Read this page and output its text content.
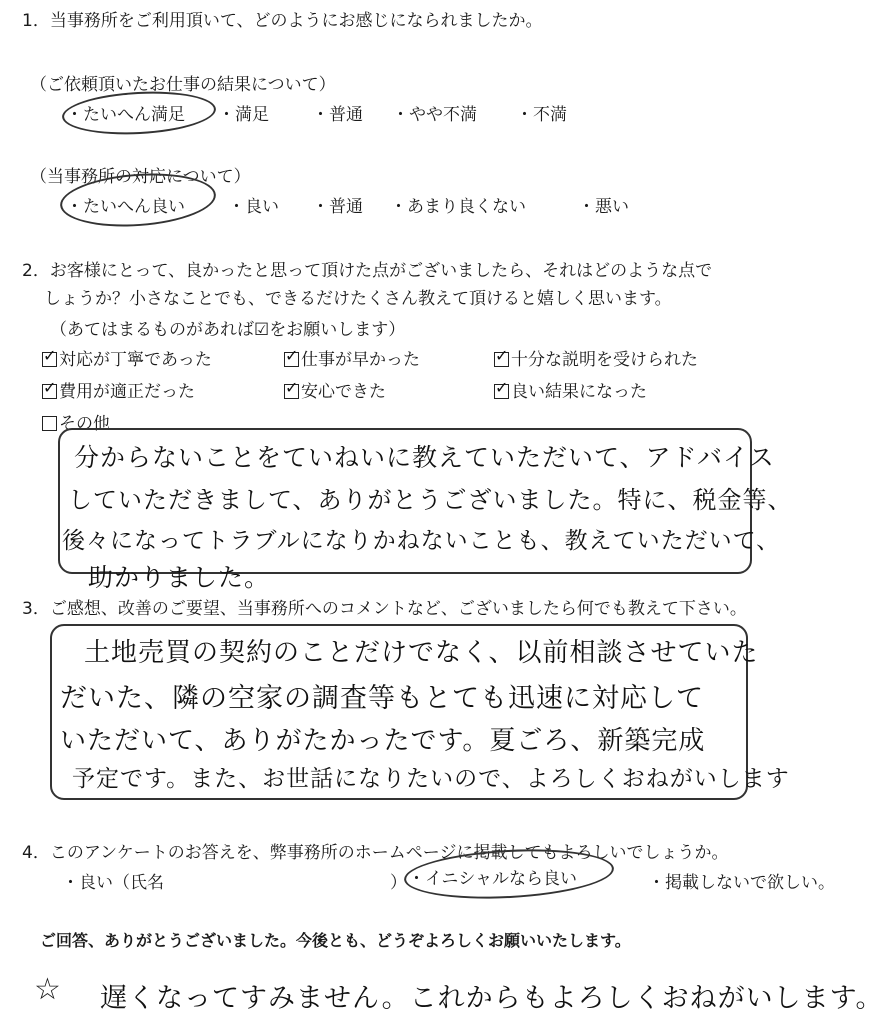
1．当事務所をご利用頂いて、どのようにお感じになられましたか。
（ご依頼頂いたお仕事の結果について）
・たいへん満足 ・満足	・普通 ・やや不満 ・不満
（当事務所の対応について）
・たいへん良い	・良い ・普通 ・あまり良くない	・悪い
2．お客様にとって、良かったと思って頂けた点がございましたら、それはどのような点で
しょうか？小さなことでも、できるだけたくさん教えて頂けると嬉しく思います。
（あてはまるものがあれば☑をお願いします）
✓対応が丁寧であった ✓	仕事が早かった ✓	十分な説明を受けられた
✓費用が適正だった ✓	安心できた ✓	良い結果になった
その他
分からないことをていねいに教えていただいて、アドバイス
していただきまして、ありがとうございました。特に、税金等、
後々になってトラブルになりかねないことも、教えていただいて、
助かりました。
3．ご感想、改善のご要望、当事務所へのコメントなど、ございましたら何でも教えて下さい。
土地売買の契約のことだけでなく、以前相談させていた
だいた、隣の空家の調査等もとても迅速に対応して
いただいて、ありがたかったです。夏ごろ、新築完成
予定です。また、お世話になりたいので、よろしくおねがいします
4．このアンケートのお答えを、弊事務所のホームページに掲載してもよろしいでしょうか。
・良い（氏名	） ・イニシャルなら良い	・掲載しないで欲しい。
ご回答、ありがとうございました。今後とも、どうぞよろしくお願いいたします。
☆ 遅くなってすみません。これからもよろしくおねがいします。
